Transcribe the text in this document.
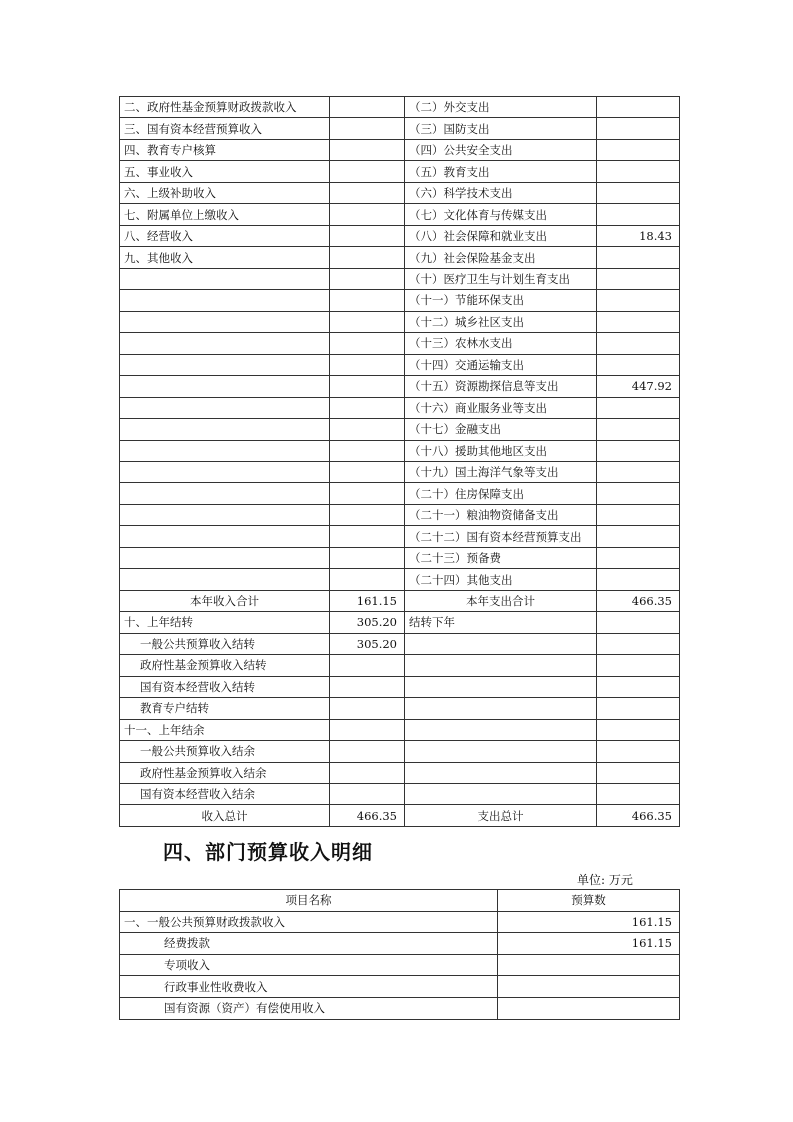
二、政府性基金预算财政拨款收入		（二）外交支出	
三、国有资本经营预算收入		（三）国防支出	
四、教育专户核算		（四）公共安全支出	
五、事业收入		（五）教育支出	
六、上级补助收入		（六）科学技术支出	
七、附属单位上缴收入		（七）文化体育与传媒支出	
八、经营收入		（八）社会保障和就业支出	18.43
九、其他收入		（九）社会保险基金支出	
		（十）医疗卫生与计划生育支出	
		（十一）节能环保支出	
		（十二）城乡社区支出	
		（十三）农林水支出	
		（十四）交通运输支出	
		（十五）资源勘探信息等支出	447.92
		（十六）商业服务业等支出	
		（十七）金融支出	
		（十八）援助其他地区支出	
		（十九）国土海洋气象等支出	
		（二十）住房保障支出	
		（二十一）粮油物资储备支出	
		（二十二）国有资本经营预算支出	
		（二十三）预备费	
		（二十四）其他支出	
本年收入合计	161.15	本年支出合计	466.35
十、上年结转	305.20	结转下年	
一般公共预算收入结转	305.20		
政府性基金预算收入结转			
国有资本经营收入结转			
教育专户结转			
十一、上年结余			
一般公共预算收入结余			
政府性基金预算收入结余			
国有资本经营收入结余			
收入总计	466.35	支出总计	466.35
四、部门预算收入明细
单位: 万元
项目名称	预算数
一、一般公共预算财政拨款收入	161.15
经费拨款	161.15
专项收入	
行政事业性收费收入	
国有资源（资产）有偿使用收入	
